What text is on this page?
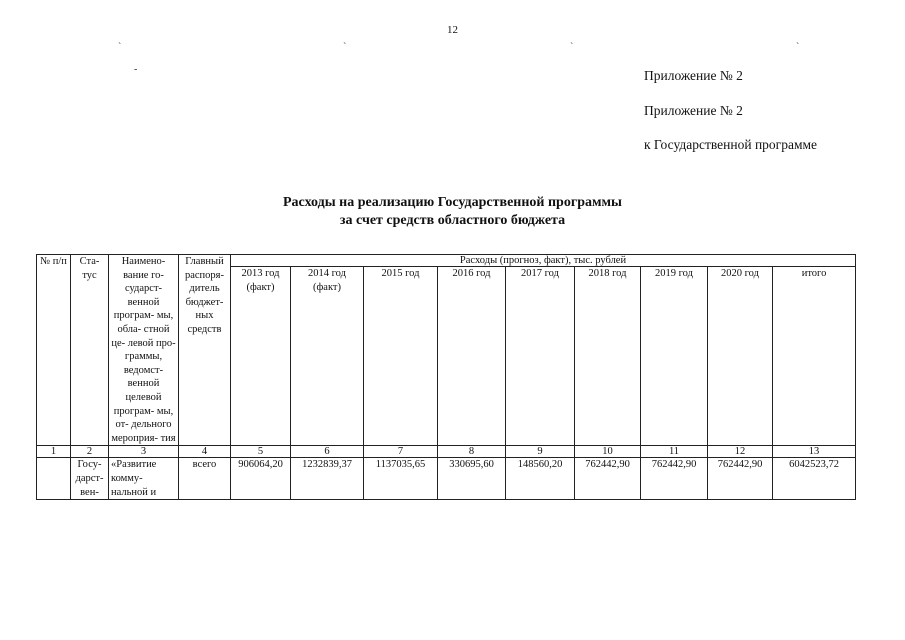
12
`	`	`	`
-	Приложение № 2
Приложение № 2
к Государственной программе
Расходы на реализацию Государственной программы
за счет средств областного бюджета
№ п/п	Ста- тус	Наимено- вание го- сударст- венной програм- мы, обла- стной це- левой про- граммы, ведомст- венной целевой програм- мы, от- дельного мероприя- тия	Главный распоря- дитель бюджет- ных средств	Расходы (прогноз, факт), тыс. рублей								
				2013 год (факт)	2014 год (факт)	2015 год	2016 год	2017 год	2018 год	2019 год	2020 год	итого
1	2	3	4	5	6	7	8	9	10	11	12	13
	Госу- дарст- вен-	«Развитие комму- нальной и	всего	906064,20	1232839,37	1137035,65	330695,60	148560,20	762442,90	762442,90	762442,90	6042523,72
